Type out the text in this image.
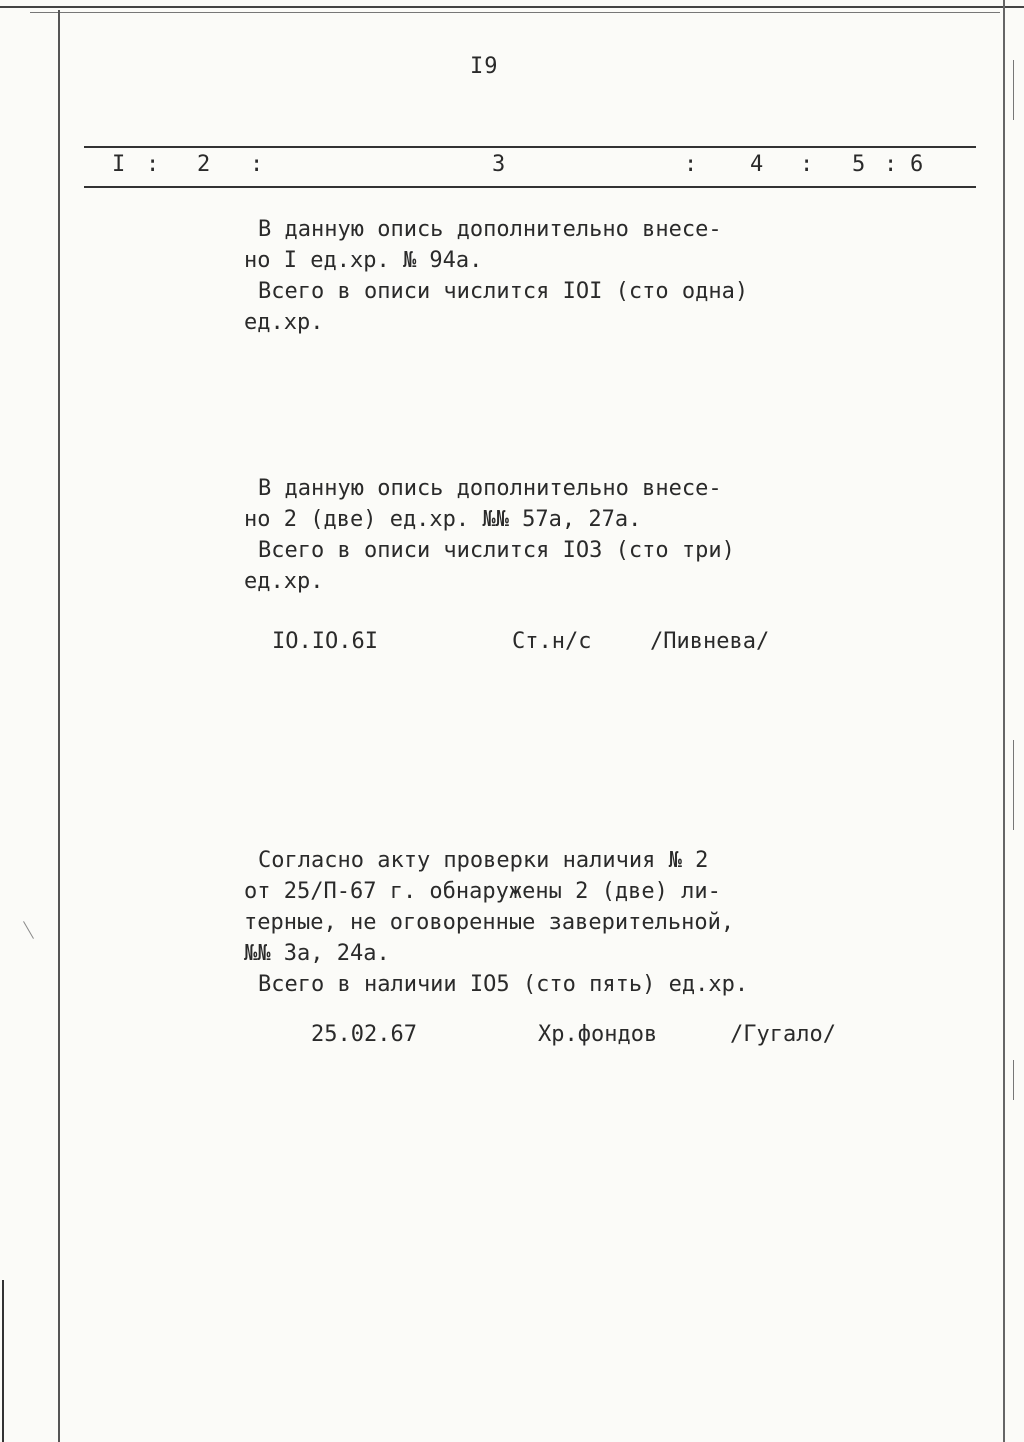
I9
I : 2 :	3	: 4 : 5 : 6
В данную опись дополнительно внесе-
но I ед.хр. № 94а.
Всего в описи числится IOI (сто одна)
ед.хр.
В данную опись дополнительно внесе-
но 2 (две) ед.хр. №№ 57а, 27а.
Всего в описи числится IO3 (сто три)
ед.хр.
IO.IO.6I	Ст.н/с	/Пивнева/
Согласно акту проверки наличия № 2
от 25/П-67 г. обнаружены 2 (две) ли-
терные, не оговоренные заверительной,
№№ 3а, 24а.
Всего в наличии IO5 (сто пять) ед.хр.
25.02.67	Хр.фондов	/Гугало/
